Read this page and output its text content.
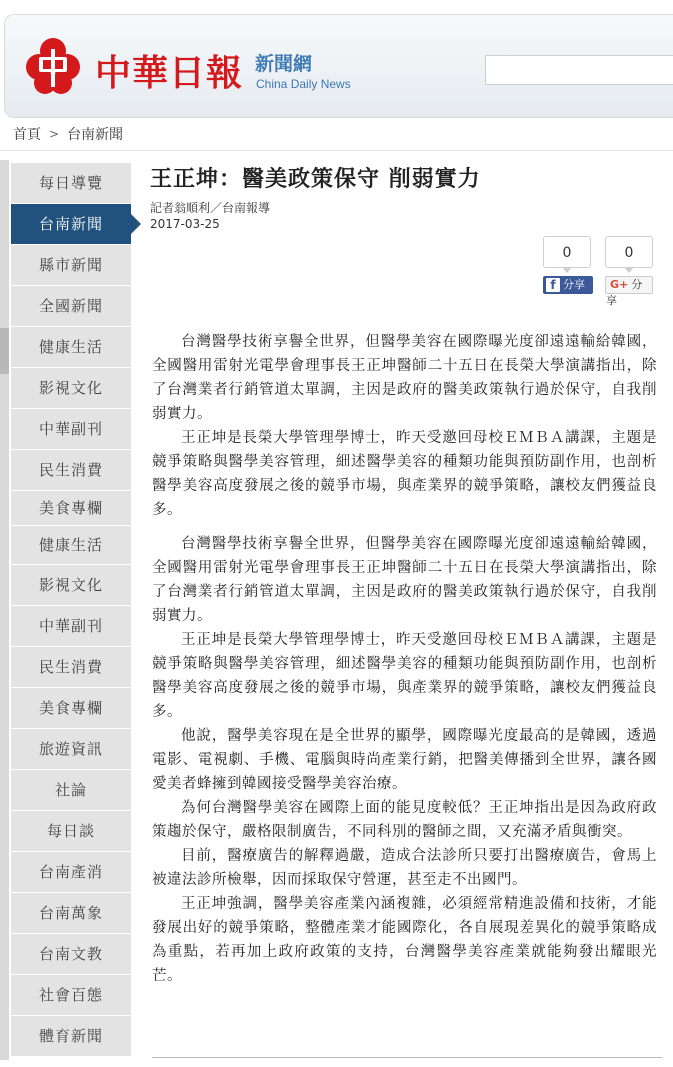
中華日報 新聞網
China Daily News
首頁 > 台南新聞
每日導覽
台南新聞
縣市新聞
全國新聞
健康生活
影視文化
中華副刊
民生消費
美食專欄
健康生活
影視文化
中華副刊
民生消費
美食專欄
旅遊資訊
社論
每日談
台南產消
台南萬象
台南文教
社會百態
體育新聞
王正坤：醫美政策保守 削弱實力
記者翁順利／台南報導
2017-03-25
0	0
f 分享	G+ 分享

台灣醫學技術享譽全世界，但醫學美容在國際曝光度卻遠遠輸給韓國，全國醫用雷射光電學會理事長王正坤醫師二十五日在長榮大學演講指出，除了台灣業者行銷管道太單調，主因是政府的醫美政策執行過於保守，自我削弱實力。

王正坤是長榮大學管理學博士，昨天受邀回母校ＥＭＢＡ講課，主題是競爭策略與醫學美容管理，細述醫學美容的種類功能與預防副作用，也剖析醫學美容高度發展之後的競爭市場，與產業界的競爭策略，讓校友們獲益良多。

台灣醫學技術享譽全世界，但醫學美容在國際曝光度卻遠遠輸給韓國，全國醫用雷射光電學會理事長王正坤醫師二十五日在長榮大學演講指出，除了台灣業者行銷管道太單調，主因是政府的醫美政策執行過於保守，自我削弱實力。

王正坤是長榮大學管理學博士，昨天受邀回母校ＥＭＢＡ講課，主題是競爭策略與醫學美容管理，細述醫學美容的種類功能與預防副作用，也剖析醫學美容高度發展之後的競爭市場，與產業界的競爭策略，讓校友們獲益良多。

他說，醫學美容現在是全世界的顯學，國際曝光度最高的是韓國，透過電影、電視劇、手機、電腦與時尚產業行銷，把醫美傳播到全世界，讓各國愛美者蜂擁到韓國接受醫學美容治療。

為何台灣醫學美容在國際上面的能見度較低？王正坤指出是因為政府政策趨於保守，嚴格限制廣告，不同科別的醫師之間，又充滿矛盾與衝突。

目前，醫療廣告的解釋過嚴，造成合法診所只要打出醫療廣告，會馬上被違法診所檢舉，因而採取保守營運，甚至走不出國門。

王正坤強調，醫學美容產業內涵複雜，必須經常精進設備和技術，才能發展出好的競爭策略，整體產業才能國際化，各自展現差異化的競爭策略成為重點，若再加上政府政策的支持，台灣醫學美容產業就能夠發出耀眼光芒。
